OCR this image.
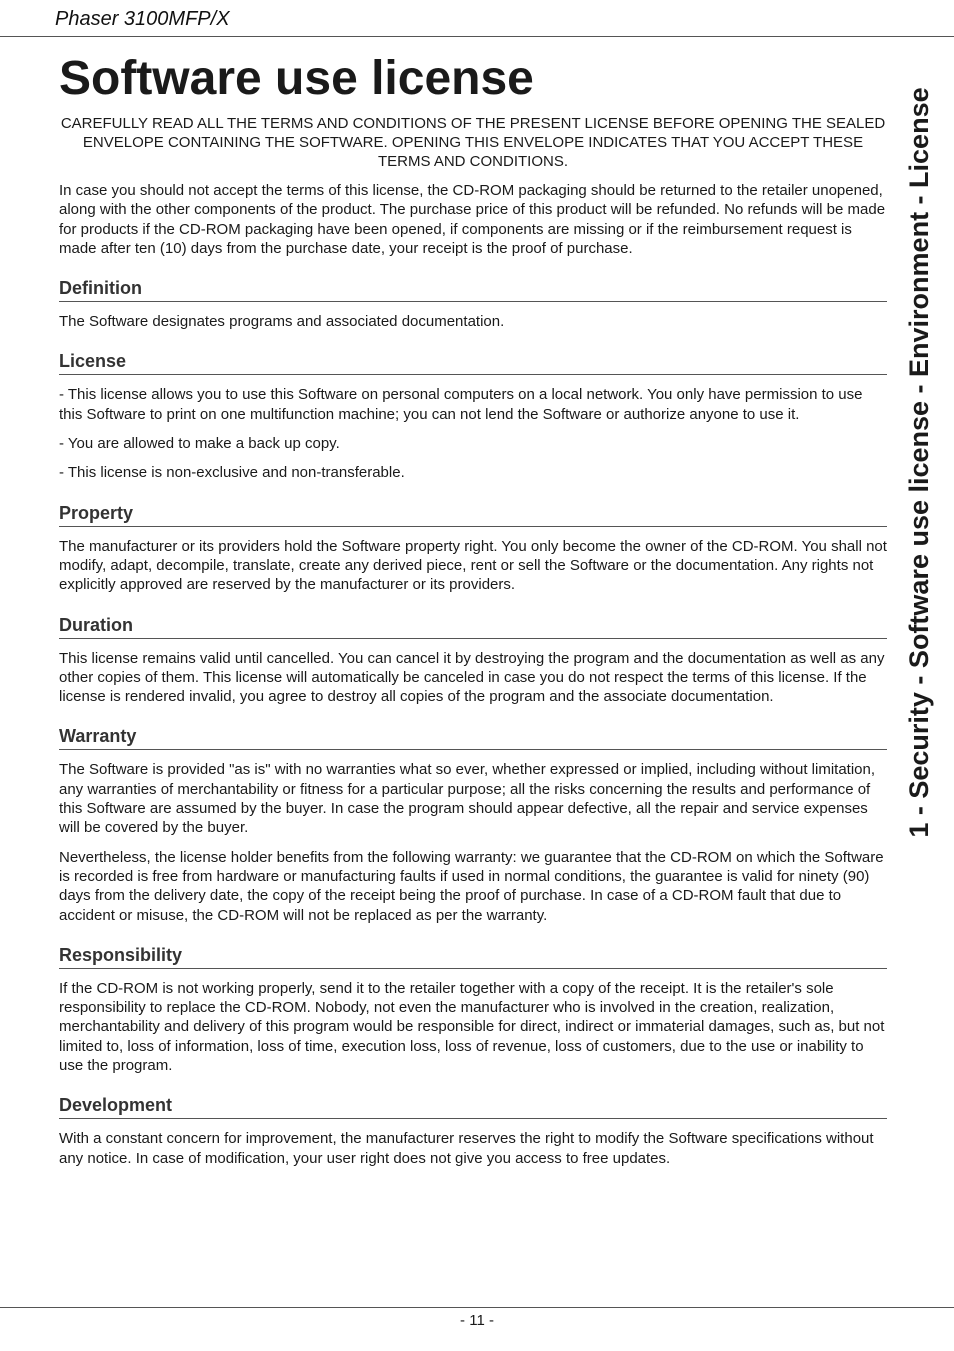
Phaser 3100MFP/X
1 - Security - Software use license - Environment - License
Software use license

CAREFULLY READ ALL THE TERMS AND CONDITIONS OF THE PRESENT LICENSE BEFORE OPENING THE SEALED ENVELOPE CONTAINING THE SOFTWARE. OPENING THIS ENVELOPE INDICATES THAT YOU ACCEPT THESE TERMS AND CONDITIONS.

In case you should not accept the terms of this license, the CD-ROM packaging should be returned to the retailer unopened, along with the other components of the product. The purchase price of this product will be refunded. No refunds will be made for products if the CD-ROM packaging have been opened, if components are missing or if the reimbursement request is made after ten (10) days from the purchase date, your receipt is the proof of purchase.

Definition

The Software designates programs and associated documentation.

License

- This license allows you to use this Software on personal computers on a local network. You only have permission to use this Software to print on one multifunction machine; you can not lend the Software or authorize anyone to use it.

- You are allowed to make a back up copy.

- This license is non-exclusive and non-transferable.

Property

The manufacturer or its providers hold the Software property right. You only become the owner of the CD-ROM. You shall not modify, adapt, decompile, translate, create any derived piece, rent or sell the Software or the documentation. Any rights not explicitly approved are reserved by the manufacturer or its providers.

Duration

This license remains valid until cancelled. You can cancel it by destroying the program and the documentation as well as any other copies of them. This license will automatically be canceled in case you do not respect the terms of this license. If the license is rendered invalid, you agree to destroy all copies of the program and the associate documentation.

Warranty

The Software is provided "as is" with no warranties what so ever, whether expressed or implied, including without limitation, any warranties of merchantability or fitness for a particular purpose; all the risks concerning the results and performance of this Software are assumed by the buyer. In case the program should appear defective, all the repair and service expenses will be covered by the buyer.

Nevertheless, the license holder benefits from the following warranty: we guarantee that the CD-ROM on which the Software is recorded is free from hardware or manufacturing faults if used in normal conditions, the guarantee is valid for ninety (90) days from the delivery date, the copy of the receipt being the proof of purchase. In case of a CD-ROM fault that due to accident or misuse, the CD-ROM will not be replaced as per the warranty.

Responsibility

If the CD-ROM is not working properly, send it to the retailer together with a copy of the receipt. It is the retailer's sole responsibility to replace the CD-ROM. Nobody, not even the manufacturer who is involved in the creation, realization, merchantability and delivery of this program would be responsible for direct, indirect or immaterial damages, such as, but not limited to, loss of information, loss of time, execution loss, loss of revenue, loss of customers, due to the use or inability to use the program.

Development

With a constant concern for improvement, the manufacturer reserves the right to modify the Software specifications without any notice. In case of modification, your user right does not give you access to free updates.

- 11 -
